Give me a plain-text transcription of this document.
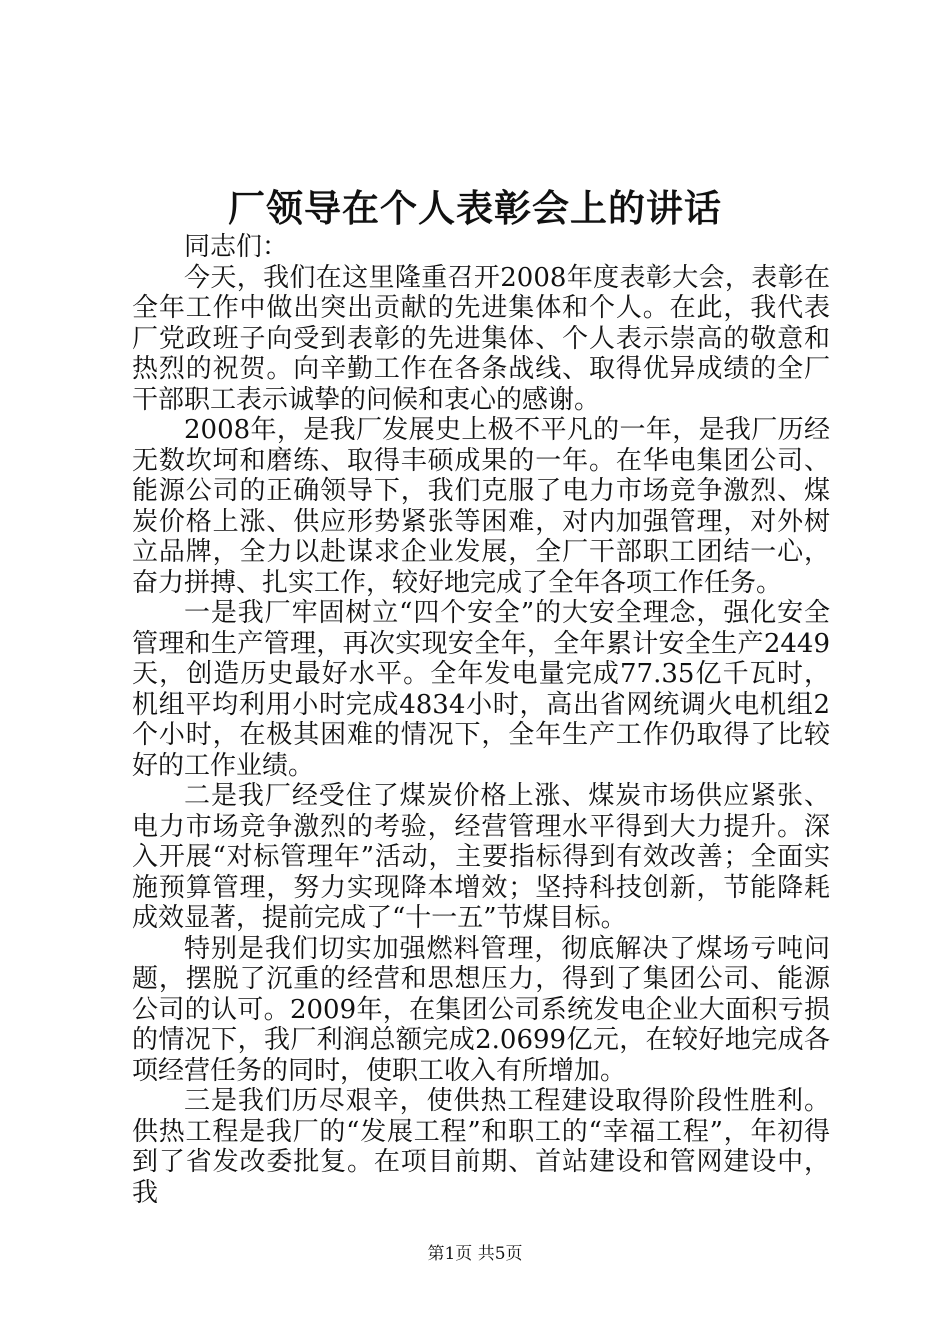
厂领导在个人表彰会上的讲话
同志们：

今天，我们在这里隆重召开2008年度表彰大会，表彰在全年工作中做出突出贡献的先进集体和个人。在此，我代表厂党政班子向受到表彰的先进集体、个人表示崇高的敬意和热烈的祝贺。向辛勤工作在各条战线、取得优异成绩的全厂干部职工表示诚挚的问候和衷心的感谢。

2008年，是我厂发展史上极不平凡的一年，是我厂历经无数坎坷和磨练、取得丰硕成果的一年。在华电集团公司、能源公司的正确领导下，我们克服了电力市场竞争激烈、煤炭价格上涨、供应形势紧张等困难，对内加强管理，对外树立品牌，全力以赴谋求企业发展，全厂干部职工团结一心，奋力拼搏、扎实工作，较好地完成了全年各项工作任务。

一是我厂牢固树立“四个安全”的大安全理念，强化安全管理和生产管理，再次实现安全年，全年累计安全生产2449天，创造历史最好水平。全年发电量完成77.35亿千瓦时，机组平均利用小时完成4834小时，高出省网统调火电机组2个小时，在极其困难的情况下，全年生产工作仍取得了比较好的工作业绩。

二是我厂经受住了煤炭价格上涨、煤炭市场供应紧张、电力市场竞争激烈的考验，经营管理水平得到大力提升。深入开展“对标管理年”活动，主要指标得到有效改善；全面实施预算管理，努力实现降本增效；坚持科技创新，节能降耗成效显著，提前完成了“十一五”节煤目标。

特别是我们切实加强燃料管理，彻底解决了煤场亏吨问题，摆脱了沉重的经营和思想压力，得到了集团公司、能源公司的认可。2009年，在集团公司系统发电企业大面积亏损的情况下，我厂利润总额完成2.0699亿元，在较好地完成各项经营任务的同时，使职工收入有所增加。

三是我们历尽艰辛，使供热工程建设取得阶段性胜利。供热工程是我厂的“发展工程”和职工的“幸福工程”，年初得到了省发改委批复。在项目前期、首站建设和管网建设中，我

第1页 共5页
